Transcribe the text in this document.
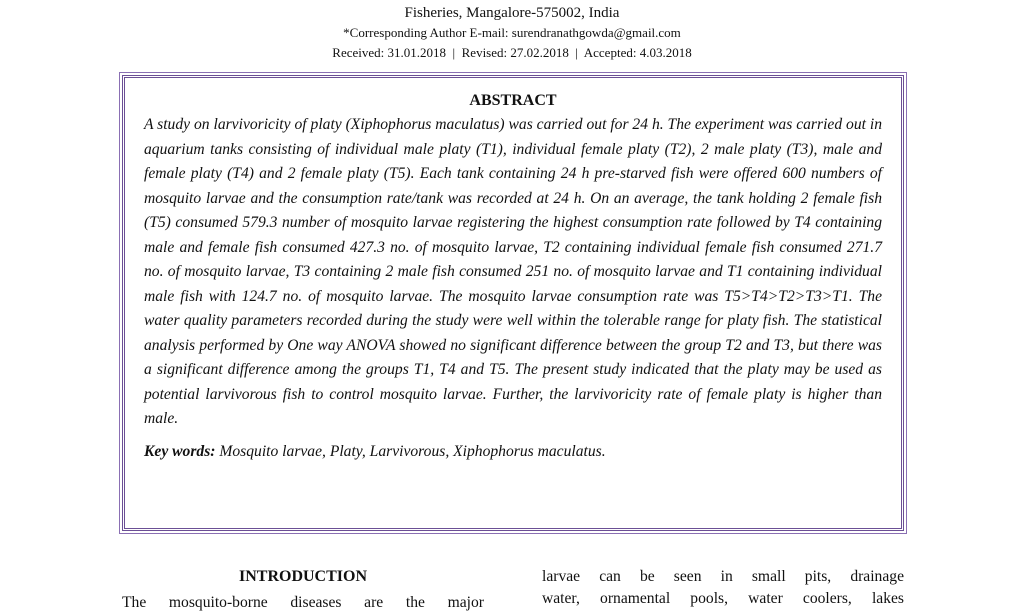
Fisheries, Mangalore-575002, India
*Corresponding Author E-mail: surendranathgowda@gmail.com
Received: 31.01.2018  |  Revised: 27.02.2018  |  Accepted: 4.03.2018
ABSTRACT

A study on larvivoricity of platy (Xiphophorus maculatus) was carried out for 24 h. The experiment was carried out in aquarium tanks consisting of individual male platy (T1), individual female platy (T2), 2 male platy (T3), male and female platy (T4) and 2 female platy (T5). Each tank containing 24 h pre-starved fish were offered 600 numbers of mosquito larvae and the consumption rate/tank was recorded at 24 h. On an average, the tank holding 2 female fish (T5) consumed 579.3 number of mosquito larvae registering the highest consumption rate followed by T4 containing male and female fish consumed 427.3 no. of mosquito larvae, T2 containing individual female fish consumed 271.7 no. of mosquito larvae, T3 containing 2 male fish consumed 251 no. of mosquito larvae and T1 containing individual male fish with 124.7 no. of mosquito larvae. The mosquito larvae consumption rate was T5>T4>T2>T3>T1. The water quality parameters recorded during the study were well within the tolerable range for platy fish. The statistical analysis performed by One way ANOVA showed no significant difference between the group T2 and T3, but there was a significant difference among the groups T1, T4 and T5. The present study indicated that the platy may be used as potential larvivorous fish to control mosquito larvae. Further, the larvivoricity rate of female platy is higher than male.

Key words: Mosquito larvae, Platy, Larvivorous, Xiphophorus maculatus.
INTRODUCTION
The mosquito-borne diseases are the major
larvae can be seen in small pits, drainage
water, ornamental pools, water coolers, lakes
